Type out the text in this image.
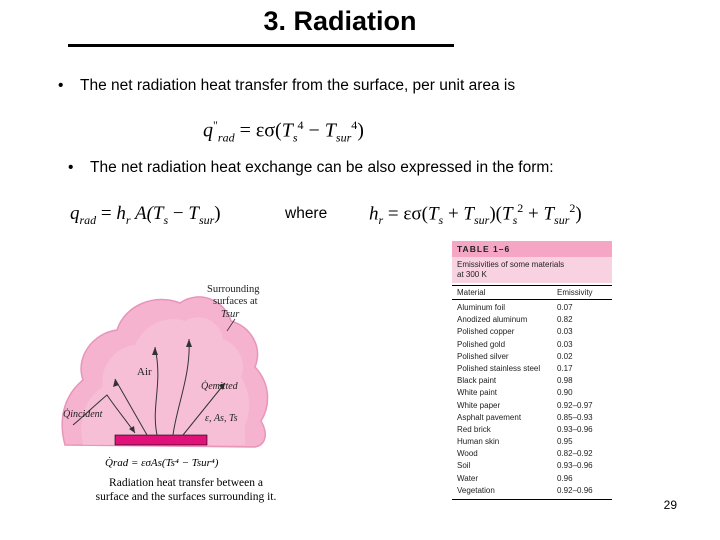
3. Radiation
• The net radiation heat transfer from the surface, per unit area is
$q^"_{rad} = \varepsilon\sigma(T_s^4 - T_{sur}^4)$
• The net radiation heat exchange can be also expressed in the form:
$q_{rad} = h_r$ $A(T_s - T_{sur})$	where $h_r = \varepsilon\sigma(T_s + T_{sur})(T_s^2 + T_{sur}^2)$
Air
Q̇emitted
Q̇incident	ε, As, Ts
Surrounding
surfaces at
Tsur
Q̇rad = εσAs(Ts⁴ − Tsur⁴)
Radiation heat transfer between a
surface and the surfaces surrounding it.
TABLE 1–6
Emissivities of some materials
at 300 K
Material	Emissivity
Aluminum foil	0.07
Anodized aluminum	0.82
Polished copper	0.03
Polished gold	0.03
Polished silver	0.02
Polished stainless steel	0.17
Black paint	0.98
White paint	0.90
White paper	0.92–0.97
Asphalt pavement	0.85–0.93
Red brick	0.93–0.96
Human skin	0.95
Wood	0.82–0.92
Soil	0.93–0.96
Water	0.96
Vegetation	0.92–0.96
29
